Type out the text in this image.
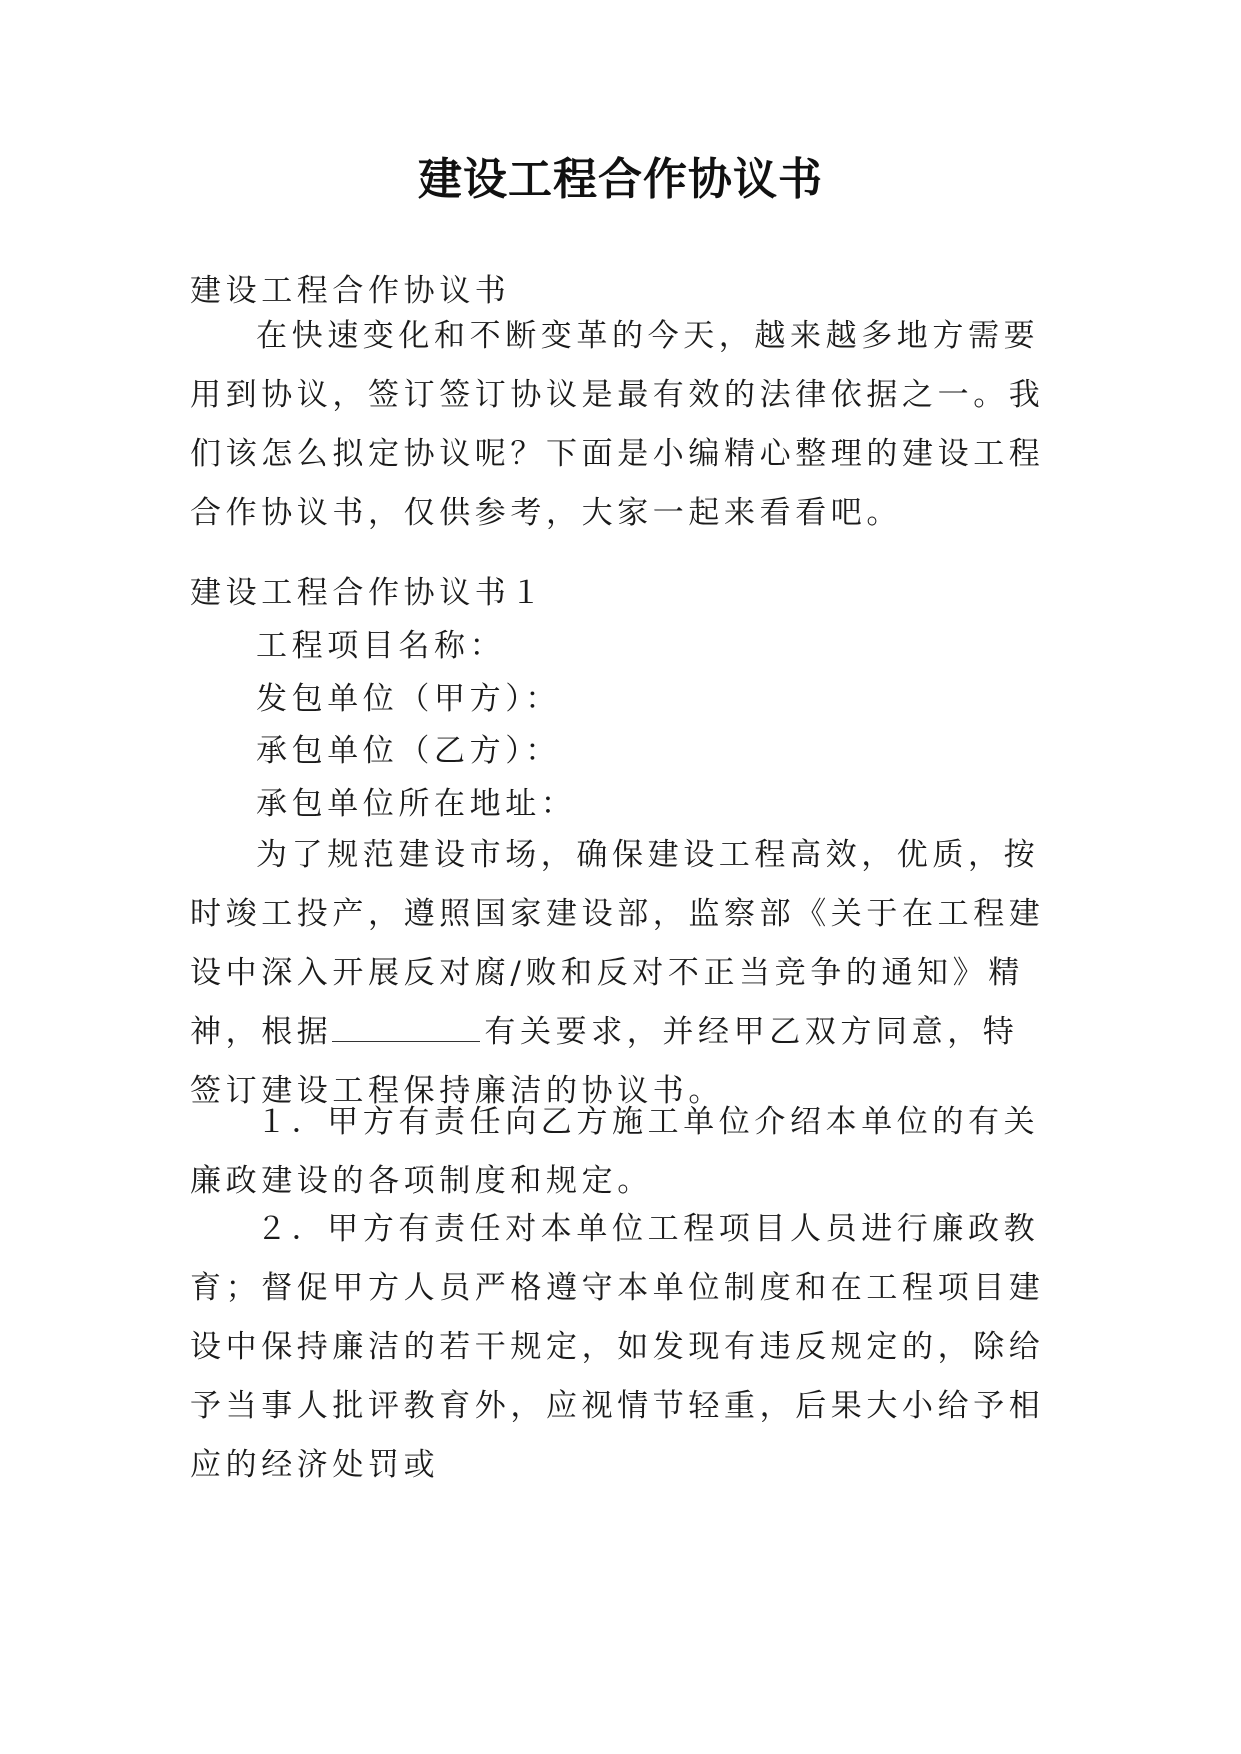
建设工程合作协议书
建设工程合作协议书
在快速变化和不断变革的今天，越来越多地方需要用到协议，签订签订协议是最有效的法律依据之一。我们该怎么拟定协议呢？下面是小编精心整理的建设工程合作协议书，仅供参考，大家一起来看看吧。
建设工程合作协议书１
工程项目名称：
发包单位（甲方）：
承包单位（乙方）：
承包单位所在地址：
为了规范建设市场，确保建设工程高效，优质，按时竣工投产，遵照国家建设部，监察部《关于在工程建设中深入开展反对腐/败和反对不正当竞争的通知》精神，根据	有关要求，并经甲乙双方同意，特签订建设工程保持廉洁的协议书。
１．甲方有责任向乙方施工单位介绍本单位的有关廉政建设的各项制度和规定。
２．甲方有责任对本单位工程项目人员进行廉政教育；督促甲方人员严格遵守本单位制度和在工程项目建设中保持廉洁的若干规定，如发现有违反规定的，除给予当事人批评教育外，应视情节轻重，后果大小给予相应的经济处罚或
